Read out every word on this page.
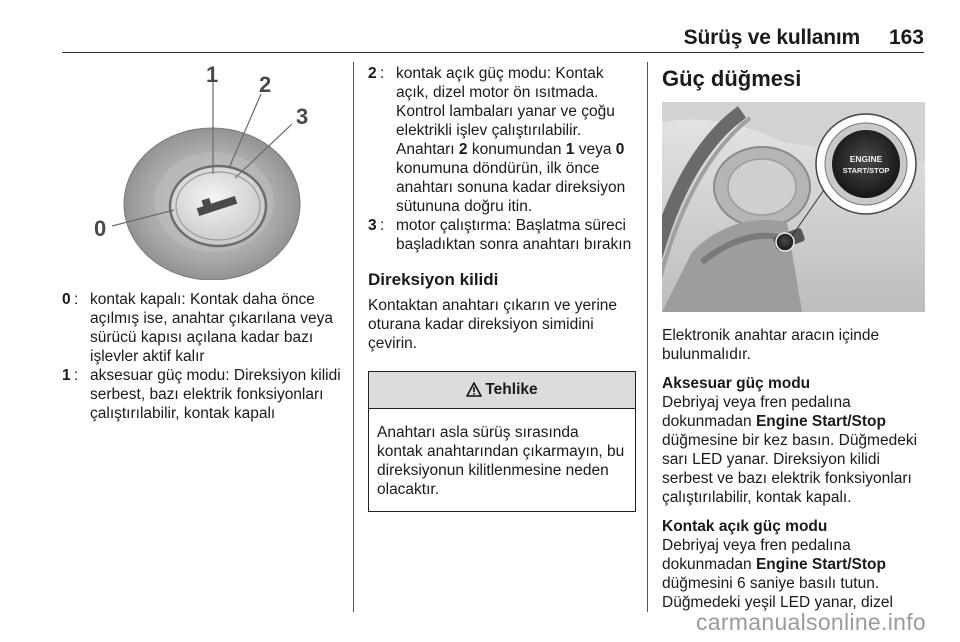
Sürüş ve kullanım 163
1 2
3
0
0 : kontak kapalı: Kontak daha önce açılmış ise, anahtar çıkarılana veya sürücü kapısı açılana kadar bazı işlevler aktif kalır
1 : aksesuar güç modu: Direksiyon kilidi serbest, bazı elektrik fonksiyonları çalıştırılabilir, kontak kapalı
2 : kontak açık güç modu: Kontak açık, dizel motor ön ısıtmada. Kontrol lambaları yanar ve çoğu elektrikli işlev çalıştırılabilir. Anahtarı 2 konumundan 1 veya 0 konumuna döndürün, ilk önce anahtarı sonuna kadar direksiyon sütununa doğru itin.
3 : motor çalıştırma: Başlatma süreci başladıktan sonra anahtarı bırakın
Direksiyon kilidi

Kontaktan anahtarı çıkarın ve yerine oturana kadar direksiyon simidini çevirin.

Tehlike
Anahtarı asla sürüş sırasında kontak anahtarından çıkarmayın, bu direksiyonun kilitlenmesine neden olacaktır.
Güç düğmesi
ENGINE
START/STOP

Elektronik anahtar aracın içinde bulunmalıdır.

Aksesuar güç modu

Debriyaj veya fren pedalına dokunmadan Engine Start/Stop düğmesine bir kez basın. Düğmedeki sarı LED yanar. Direksiyon kilidi serbest ve bazı elektrik fonksiyonları çalıştırılabilir, kontak kapalı.

Kontak açık güç modu

Debriyaj veya fren pedalına dokunmadan Engine Start/Stop düğmesini 6 saniye basılı tutun. Düğmedeki yeşil LED yanar, dizel

carmanualsonline.info
